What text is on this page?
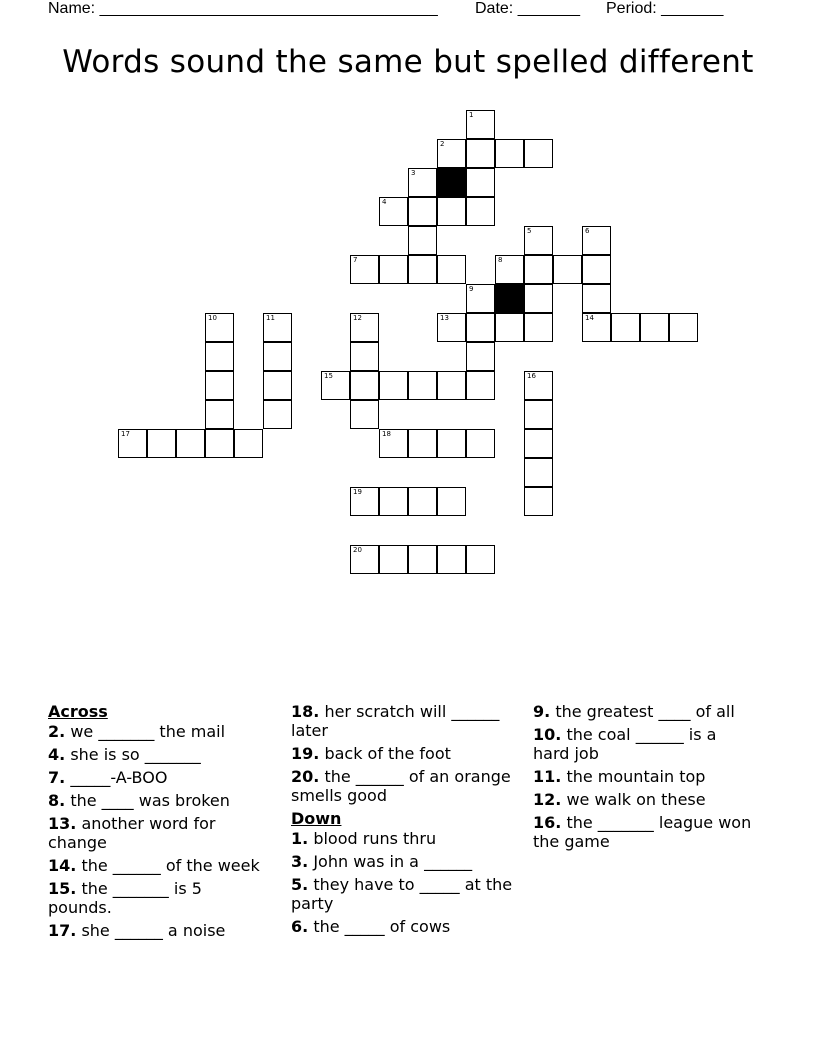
Name: ______________________________________ Date: _______ Period: _______
Words sound the same but spelled different
1
2
3
4
5	6
7	8
9
10	11	12	13	14
15	16
17	18
19
20
Across
2. we _______ the mail
4. she is so _______
7. _____-A-BOO
8. the ____ was broken
13. another word for change
14. the ______ of the week
15. the _______ is 5 pounds.
17. she ______ a noise
18. her scratch will ______ later
19. back of the foot
20. the ______ of an orange smells good
Down
1. blood runs thru
3. John was in a ______
5. they have to _____ at the party
6. the _____ of cows
9. the greatest ____ of all
10. the coal ______ is a hard job
11. the mountain top
12. we walk on these
16. the _______ league won the game
